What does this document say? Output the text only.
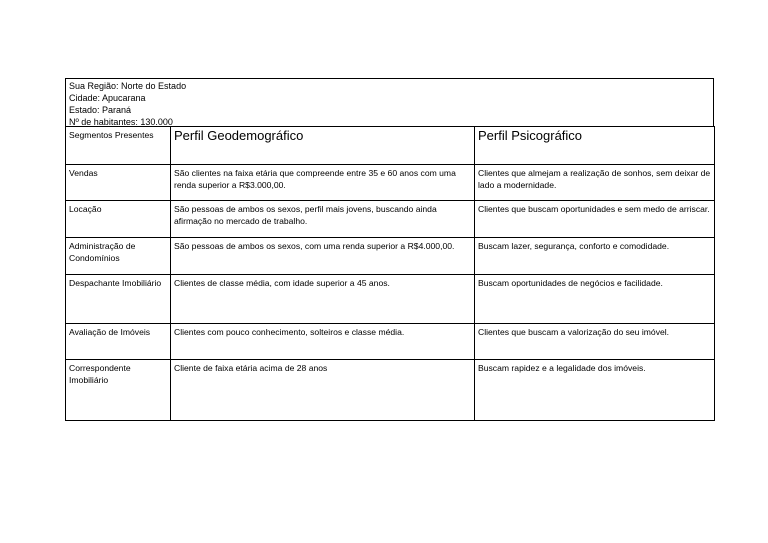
Sua Região: Norte do Estado
Cidade: Apucarana
Estado: Paraná
Nº de habitantes: 130.000
Segmentos Presentes	Perfil Geodemográfico	Perfil Psicográfico
Vendas	São clientes na faixa etária que compreende entre 35 e 60 anos com uma renda superior a R$3.000,00.	Clientes que almejam a realização de sonhos, sem deixar de lado a modernidade.
Locação	São pessoas de ambos os sexos, perfil mais jovens, buscando ainda afirmação no mercado de trabalho.	Clientes que buscam oportunidades e sem medo de arriscar.
Administração de Condomínios	São pessoas de ambos os sexos, com uma renda superior a R$4.000,00.	Buscam lazer, segurança, conforto e comodidade.
Despachante Imobiliário	Clientes de classe média, com idade superior a 45 anos.	Buscam oportunidades de negócios e facilidade.
Avaliação de Imóveis	Clientes com pouco conhecimento, solteiros e classe média.	Clientes que buscam a valorização do seu imóvel.
Correspondente Imobiliário	Cliente de faixa etária acima de 28 anos	Buscam rapidez e a legalidade dos imóveis.
